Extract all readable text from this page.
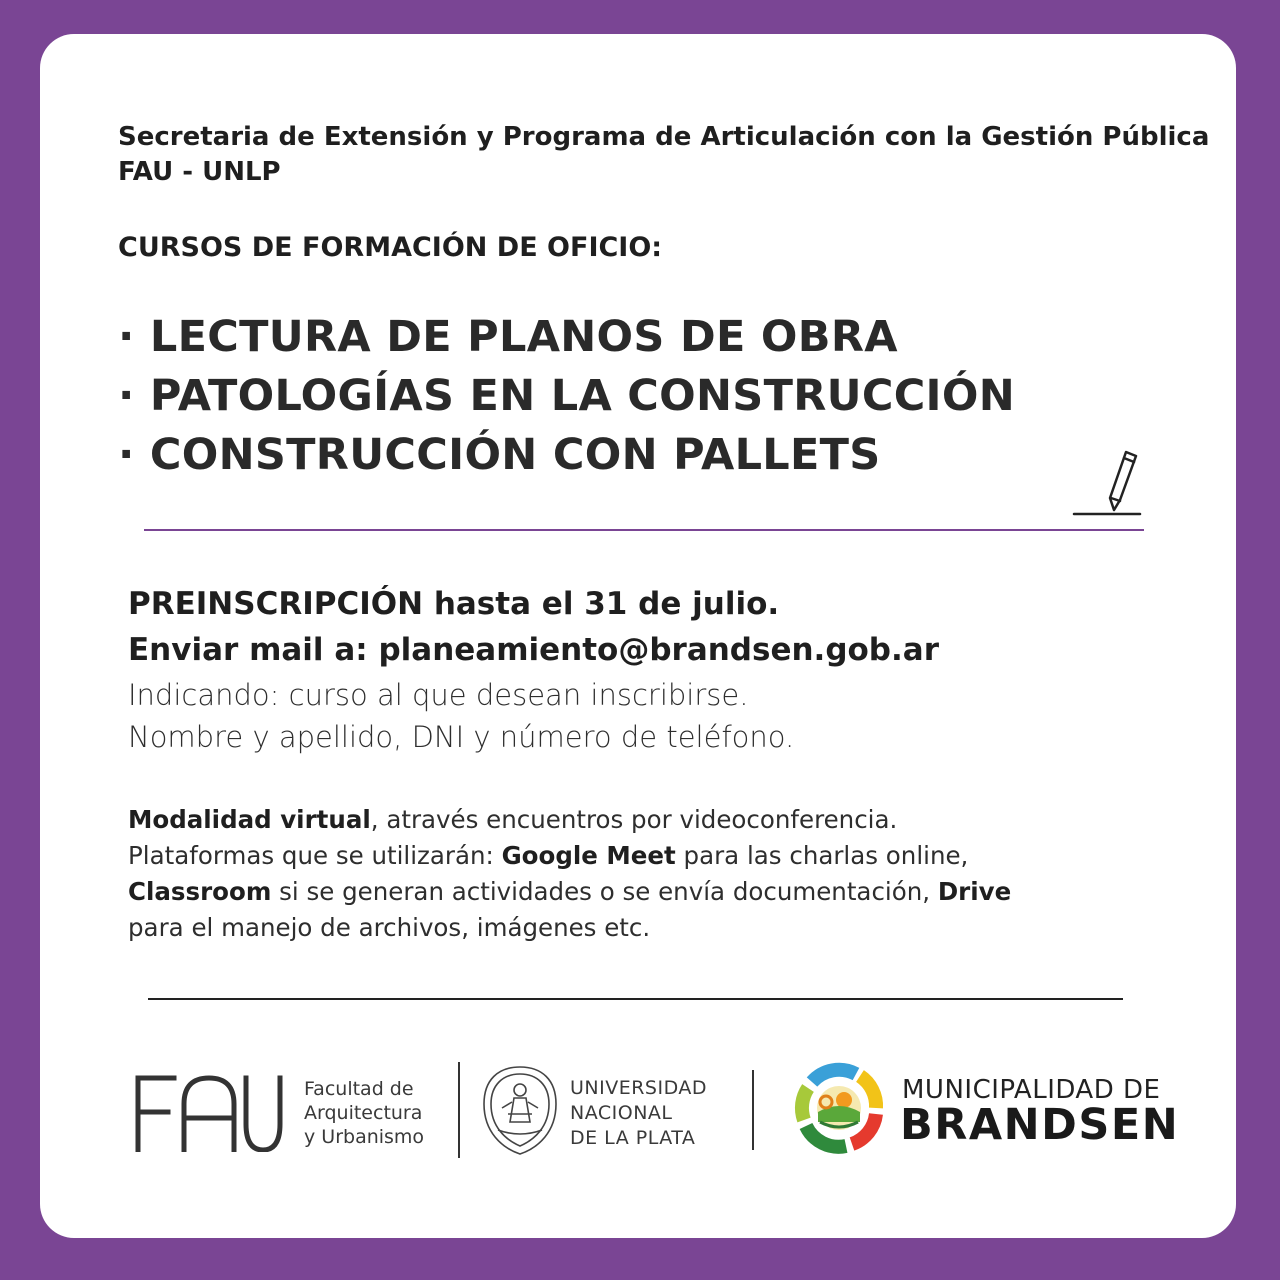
Secretaria de Extensión y Programa de Articulación con la Gestión Pública

FAU - UNLP

CURSOS DE FORMACIÓN DE OFICIO:

· LECTURA DE PLANOS DE OBRA

· PATOLOGÍAS EN LA CONSTRUCCIÓN

· CONSTRUCCIÓN CON PALLETS

PREINSCRIPCIÓN hasta el 31 de julio.

Enviar mail a: planeamiento@brandsen.gob.ar

Indicando: curso al que desean inscribirse.

Nombre y apellido, DNI y número de teléfono.

Modalidad virtual, através encuentros por videoconferencia.

Plataformas que se utilizarán: Google Meet para las charlas online,

Classroom si se generan actividades o se envía documentación, Drive

para el manejo de archivos, imágenes etc.

Facultad de

Arquitectura

y Urbanismo

UNIVERSIDAD

NACIONAL

DE LA PLATA

MUNICIPALIDAD DE

BRANDSEN
